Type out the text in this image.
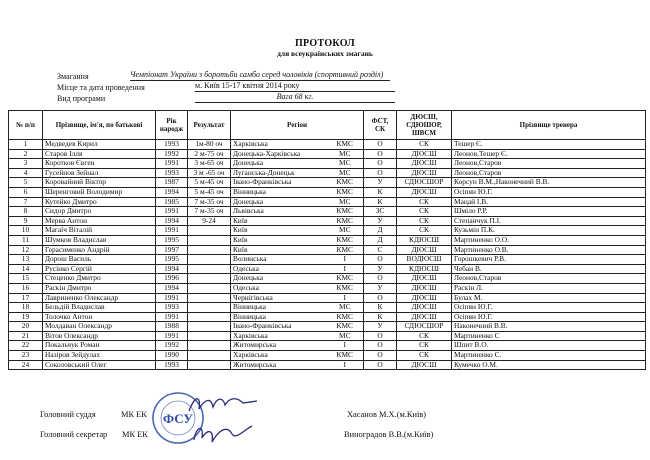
ПРОТОКОЛ
для всеукраїнських змагань
Змагання	Чемпіонат України з боротьби самбо серед чоловіків (спортивний розділ)
Місце та дата проведення	м. Київ 15-17 квітня 2014 року
Вид програми	Вага 68 кг.
№ п/п	Прізвище, ім'я, по батькові	Рік народж	Результат	Регіон		ФСТ, СК	ДЮСШ, СДЮШОР, ШВСМ	Прізвище тренера
1	Медведев Кирил	1993	1м-80 оч	Харківська	КМС	О	СК	Тешер Є.
2	Старов Ілля	1992	2 м-75 оч	Донецька-Харківська	МС	О	ДЮСШ	Леонов,Тешер Є.
3	Коротков Євген	1991	3 м-65 оч	Донецька	МС	О	ДЮСШ	Леонов,Старов
4	Гусейнов Зейнал	1993	3 м -65 оч	Луганська-Донецьк	МС	О	ДЮСШ	Леонов,Старов
5	Коровайний Віктор	1987	5 м-45 оч	Івано-Франківська	КМС	У	СДЮСШОР	Корсун В.М.,Наконечний В.В.
6	Шеренговий Володимир	1994	5 м-45 оч	Вінницька	КМС	К	ДЮСШ	Осіпян Ю.Г.
7	Кутейко Дмитро	1985	7 м-35 оч	Донецька	МС	К	СК	Мацай І.В.
8	Сидор Дмитро	1991	7 м-35 оч	Львівська	КМС	ЗС	СК	Шміло Р.Р.
9	Мерва Антон	1994	9-24	Київ	КМС	У	СК	Степанчук П.І.
10	Магаїч Віталій	1991		Київ	МС	Д	СК	Кузьмін П.К.
11	Шумков Владислав	1995		Київ	КМС	Д	КДЮСШ	Мартиненко О.О.
12	Герасименко Андрій	1997		Київ	КМС	С	ДЮСШ	Мартиненко О.В.
13	Дорош Василь	1995		Волинська	І	О	ВОДЮСШ	Горошкевич Р.В.
14	Русінко Сергій	1994		Одеська	І	У	КДЮСШ	Чебан В.
15	Стеценко Дмитро	1996		Донецька	КМС	О	ДЮСШ	Леонов,Старов
16	Раскін Дмитро	1994		Одеська	КМС	У	ДЮСШ	Раскін Л.
17	Лавриненко Олександр	1991		Чернігівська	І	О	ДЮСШ	Булах М.
18	Бельдій Владислав	1993		Вінницька	МС	К	ДЮСШ	Осіпян Ю.Г.
19	Толочко Антон	1991		Вінницька	КМС	К	ДЮСШ	Осіпян Ю.Г.
20	Молдаван Олександр	1988		Івано-Франківська	КМС	У	СДЮСШОР	Наконечний В.В.
21	Вітов Олександр	1991		Харківська	МС	О	СК	Мартиненко С
22	Покальчук Роман	1992		Житомирська	І	О	СК	Шпит В.О.
23	Назіров Зейдулах	1990		Харківська	КМС	О	СК	Мартиненко С.
24	Соколовський Олег	1993		Житомирська	І	О	ДЮСШ	Кумечко О.М.
ФСУ
Головний суддя	МК ЕК	Хасанов М.Х.(м.Київ)
Головний секретар МК ЕК	Виноградов В.В.(м.Київ)
